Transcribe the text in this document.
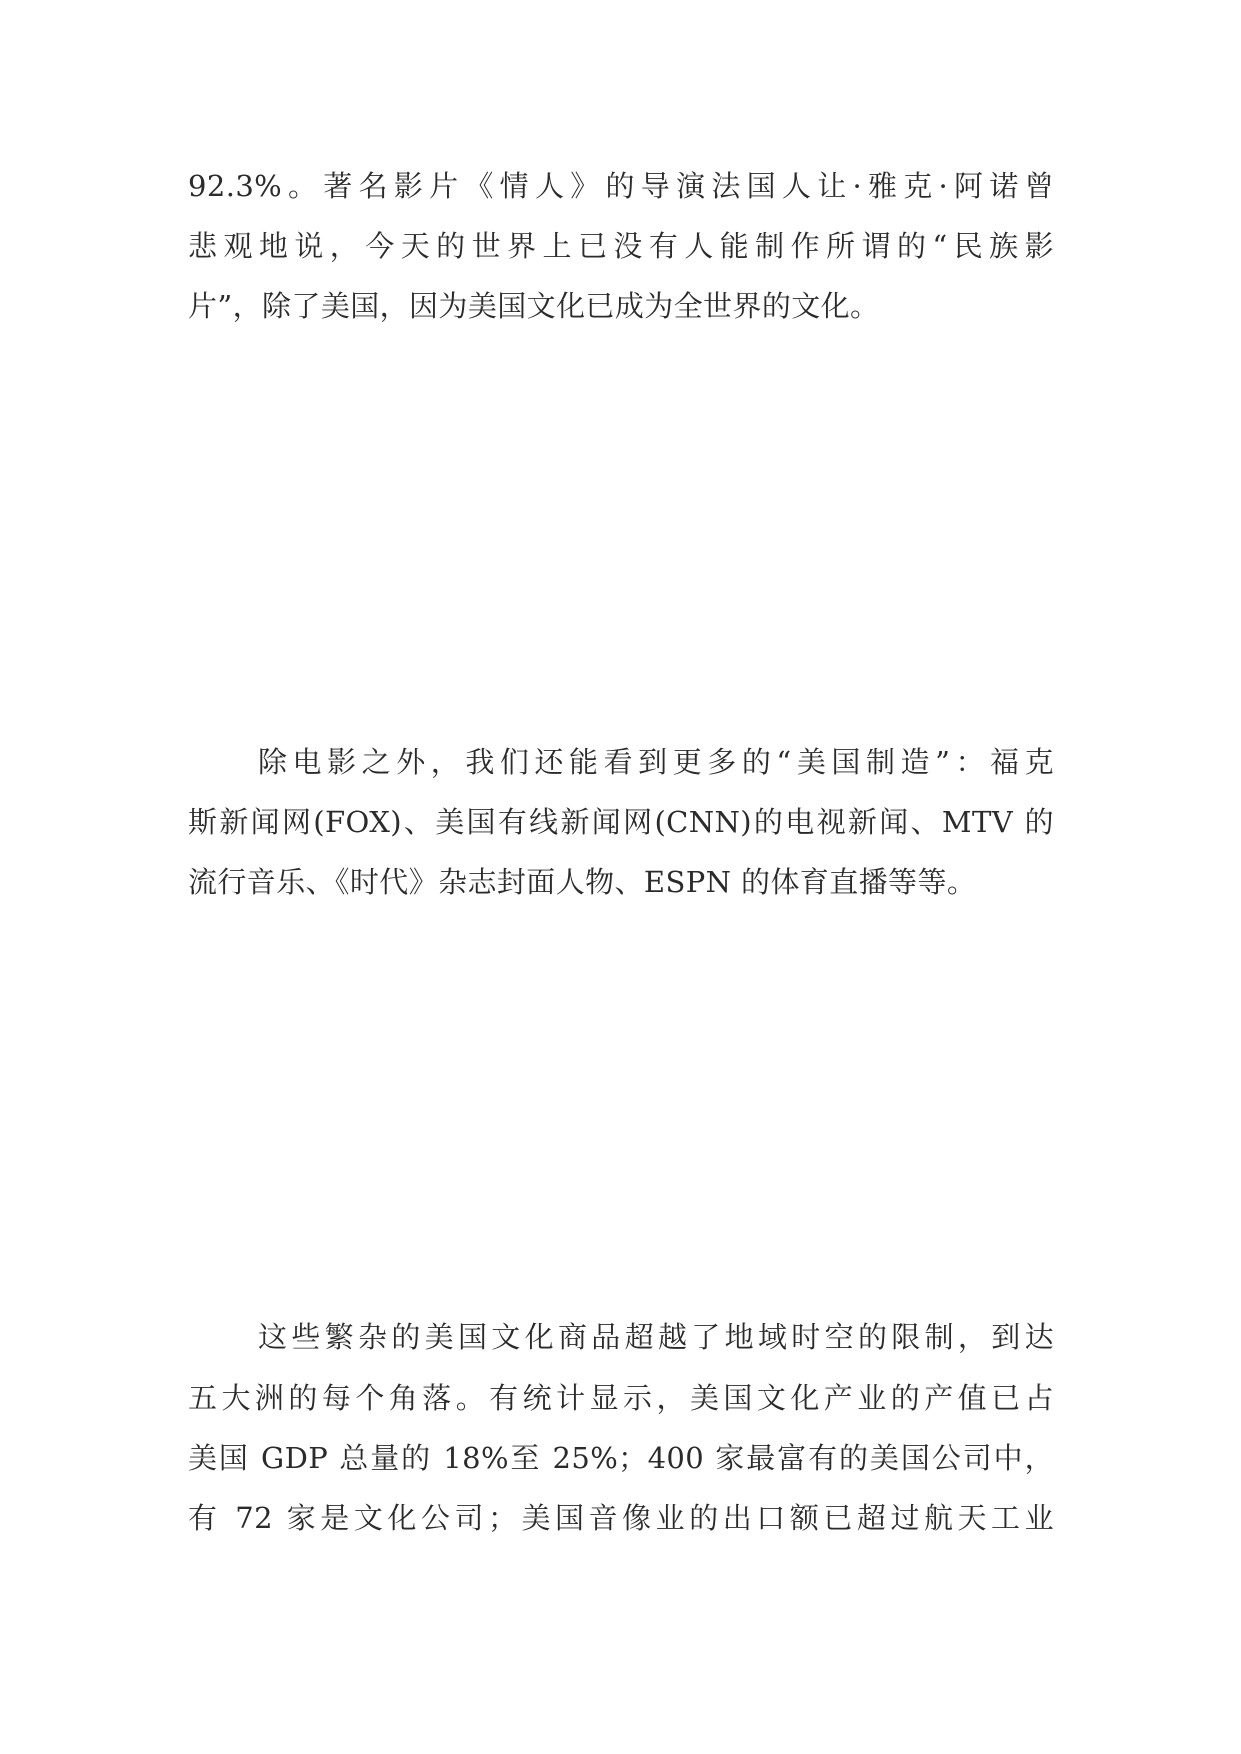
92.3%。著名影片《情人》的导演法国人让·雅克·阿诺曾
悲观地说，今天的世界上已没有人能制作所谓的“民族影
片”，除了美国，因为美国文化已成为全世界的文化。
除电影之外，我们还能看到更多的“美国制造”：福克
斯新闻网(FOX)、美国有线新闻网(CNN)的电视新闻、MTV 的
流行音乐、《时代》杂志封面人物、ESPN 的体育直播等等。
这些繁杂的美国文化商品超越了地域时空的限制，到达
五大洲的每个角落。有统计显示，美国文化产业的产值已占
美国 GDP 总量的 18%至 25%；400 家最富有的美国公司中，
有 72 家是文化公司；美国音像业的出口额已超过航天工业
